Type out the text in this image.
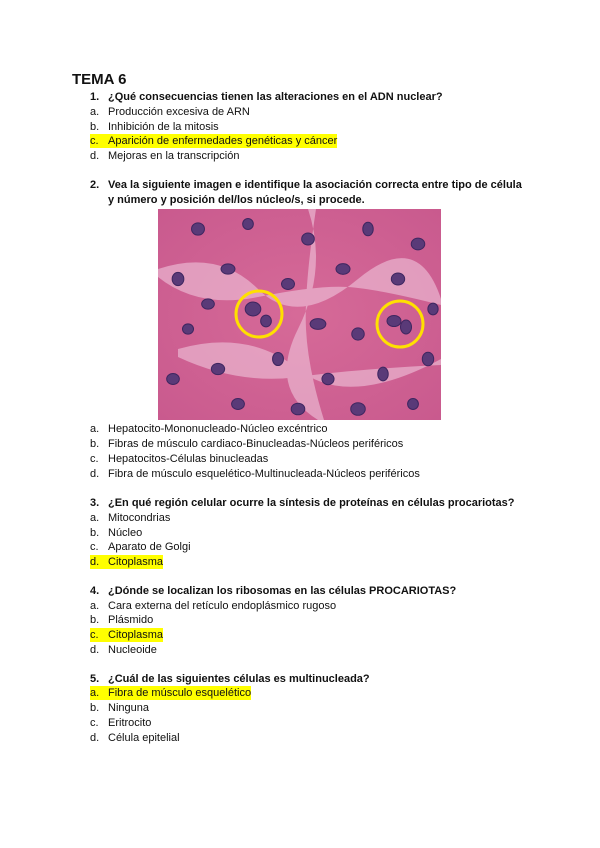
TEMA 6
1. ¿Qué consecuencias tienen las alteraciones en el ADN nuclear?
a. Producción excesiva de ARN
b. Inhibición de la mitosis
c. Aparición de enfermedades genéticas y cáncer
d. Mejoras en la transcripción
2. Vea la siguiente imagen e identifique la asociación correcta entre tipo de célula
y número y posición del/los núcleo/s, si procede.
a. Hepatocito-Mononucleado-Núcleo excéntrico
b. Fibras de músculo cardiaco-Binucleadas-Núcleos periféricos
c. Hepatocitos-Células binucleadas
d. Fibra de músculo esquelético-Multinucleada-Núcleos periféricos
3. ¿En qué región celular ocurre la síntesis de proteínas en células procariotas?
a. Mitocondrias
b. Núcleo
c. Aparato de Golgi
d. Citoplasma
4. ¿Dónde se localizan los ribosomas en las células PROCARIOTAS?
a. Cara externa del retículo endoplásmico rugoso
b. Plásmido
c. Citoplasma
d. Nucleoide
5. ¿Cuál de las siguientes células es multinucleada?
a. Fibra de músculo esquelético
b. Ninguna
c. Eritrocito
d. Célula epitelial
